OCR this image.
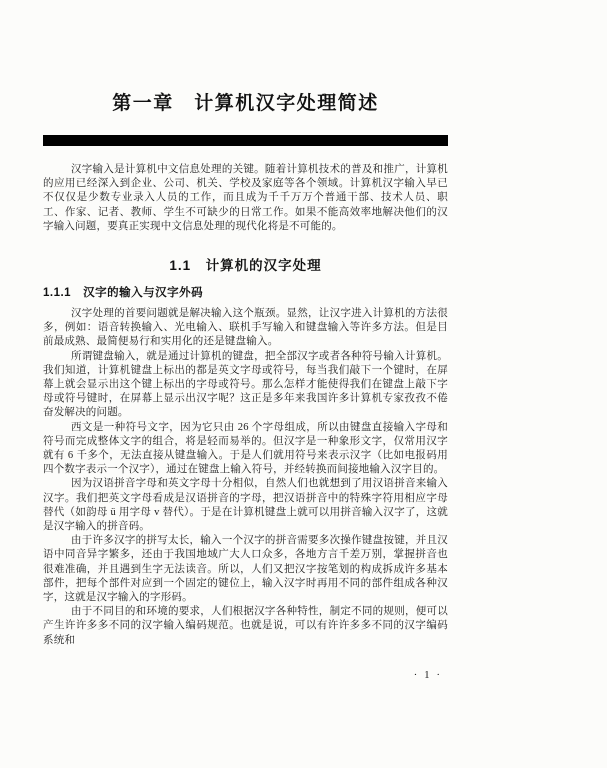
第一章　计算机汉字处理简述

汉字输入是计算机中文信息处理的关键。随着计算机技术的普及和推广，计算机的应用已经深入到企业、公司、机关、学校及家庭等各个领域。计算机汉字输入早已不仅仅是少数专业录入人员的工作，而且成为千千万万个普通干部、技术人员、职工、作家、记者、教师、学生不可缺少的日常工作。如果不能高效率地解决他们的汉字输入问题，要真正实现中文信息处理的现代化将是不可能的。

1.1　计算机的汉字处理
1.1.1　汉字的输入与汉字外码

汉字处理的首要问题就是解决输入这个瓶颈。显然，让汉字进入计算机的方法很多，例如：语音转换输入、光电输入、联机手写输入和键盘输入等许多方法。但是目前最成熟、最简便易行和实用化的还是键盘输入。

所谓键盘输入，就是通过计算机的键盘，把全部汉字或者各种符号输入计算机。我们知道，计算机键盘上标出的都是英文字母或符号，每当我们敲下一个键时，在屏幕上就会显示出这个键上标出的字母或符号。那么怎样才能使得我们在键盘上敲下字母或符号键时，在屏幕上显示出汉字呢？这正是多年来我国许多计算机专家孜孜不倦奋发解决的问题。

西文是一种符号文字，因为它只由 26 个字母组成，所以由键盘直接输入字母和符号而完成整体文字的组合，将是轻而易举的。但汉字是一种象形文字，仅常用汉字就有 6 千多个，无法直接从键盘输入。于是人们就用符号来表示汉字（比如电报码用四个数字表示一个汉字），通过在键盘上输入符号，并经转换而间接地输入汉字目的。

因为汉语拼音字母和英文字母十分相似，自然人们也就想到了用汉语拼音来输入汉字。我们把英文字母看成是汉语拼音的字母，把汉语拼音中的特殊字符用相应字母替代（如韵母 ü 用字母 v 替代）。于是在计算机键盘上就可以用拼音输入汉字了，这就是汉字输入的拼音码。

由于许多汉字的拼写太长，输入一个汉字的拼音需要多次操作键盘按键，并且汉语中同音异字繁多，还由于我国地域广大人口众多，各地方言千差万别，掌握拼音也很难准确，并且遇到生字无法读音。所以，人们又把汉字按笔划的构成拆成许多基本部件，把每个部件对应到一个固定的键位上，输入汉字时再用不同的部件组成各种汉字，这就是汉字输入的字形码。

由于不同目的和环境的要求，人们根据汉字各种特性，制定不同的规则，便可以产生许许多多不同的汉字输入编码规范。也就是说，可以有许许多多不同的汉字编码系统和

· 1 ·
